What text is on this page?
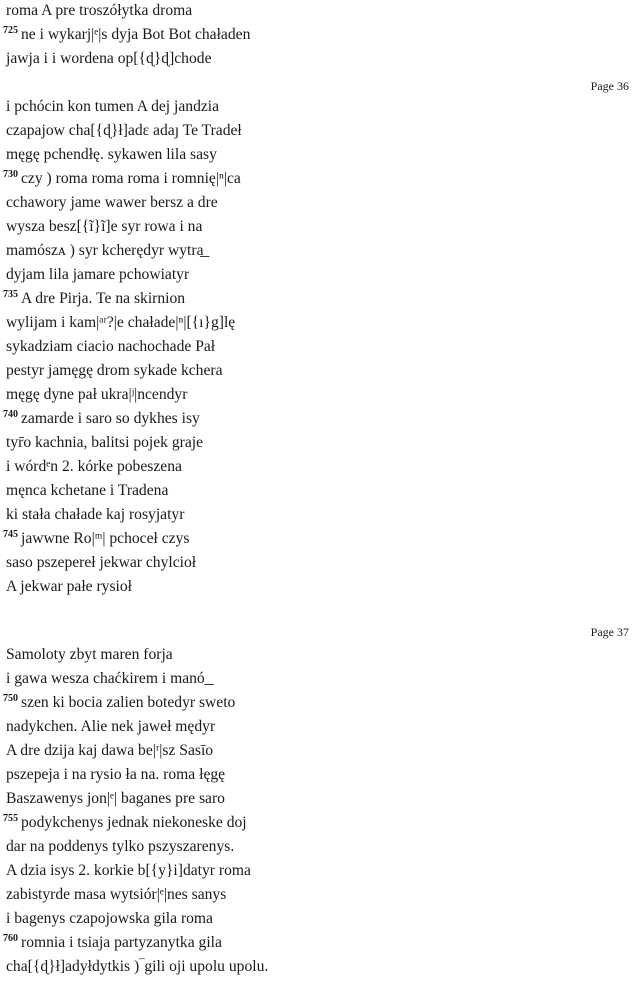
roma A pre troszółytka droma
$^{725}$ ne i wykarj|ᵉ|s dyja Bot Bot chaładen
jawja i i wordena op[{ɖ}ɖ]chode
Page 36
i pchócin kon tumen A dej jandzia
czapajow cha[{ɖ}ł]adɛ adaȷ Te Tradeł
męgę pchendłę. sykawen lila sasy
$^{730}$ czy ) roma roma roma i romnię|ⁿ|ca
cchawory jame wawer bersz a dre
wysza besz[{ĩ}ĩ]e syr rowa i na
mamószᴀ ) syr kcherędyr wytra͟
dyjam lila jamare pchowiatyr
$^{735}$ A dre Pirja. Te na skirnion
wylijam i kam|ᵃʳ?|e chałade|ⁿ|[{ı}g]lę
sykadziam ciacio nachochade Pał
pestyr jamęgę drom sykade kchera
męgę dyne pał ukra|ʲ|ncendyr
$^{740}$ zamarde i saro so dykhes isy
tyr̄o kachnia, balitsi pojek graje
i wórdᵉn 2. kórke pobeszena
męnca kchetane i Tradena
ki stała chałade kaj rosyjatyr
$^{745}$ jawwne Ro|ᵐ| pchoceł czys
saso pszepereł jekwar chylcioł
A jekwar pałe rysioł
Page 37
Samoloty zbyt maren forja
i gawa wesza chaćkirem i manó͟
$^{750}$ szen ki bocia zalien botedyr sweto
nadykchen. Alie nek jaweł mędyr
A dre dzija kaj dawa be|ʳ|sz Sasīo
pszepeja i na rysio ła na. roma łęgę
Baszawenys jon|ᵉ| baganes pre saro
$^{755}$ podykchenys jednak niekoneske doj
dar na poddenys tylko pszyszarenys.
A dzia isys 2. korkie b[{y}i]datyr roma
zabistyrde masa wytsiór|ᵉ|nes sanys
i bagenys czapojowska gila roma
$^{760}$ romnia i tsiaja partyzanytka gila
cha[{ɖ}ł]adyłdytkis )‾gili oji upolu upolu.
